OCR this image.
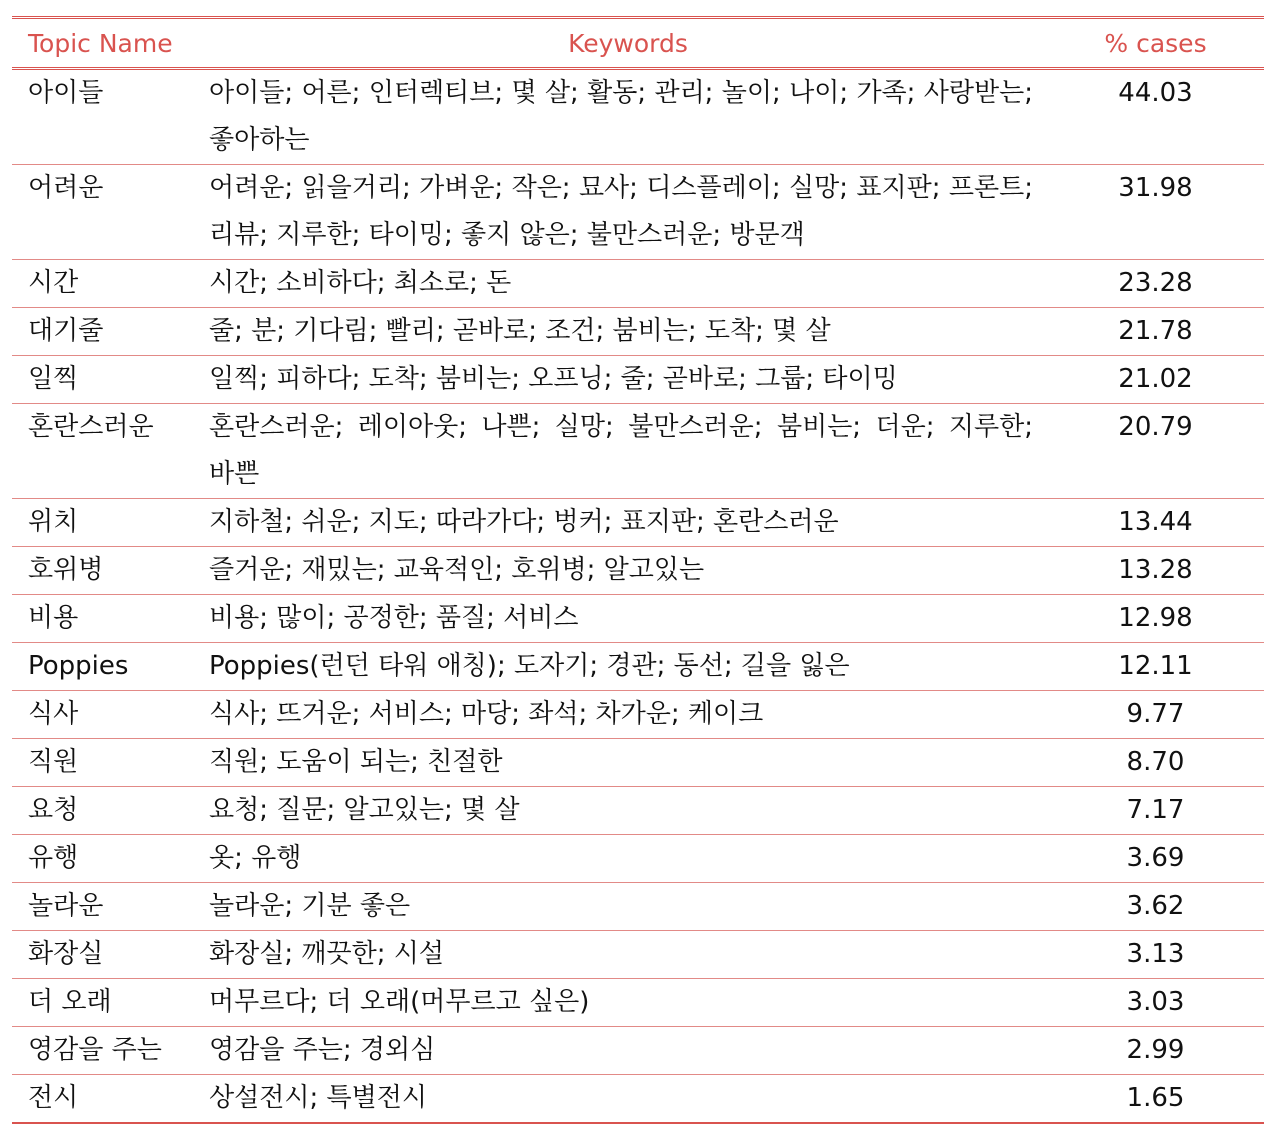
Topic Name	Keywords	% cases
아이들	아이들; 어른; 인터렉티브; 몇 살; 활동; 관리; 놀이; 나이; 가족; 사랑받는; 좋아하는	44.03
어려운	어려운; 읽을거리; 가벼운; 작은; 묘사; 디스플레이; 실망; 표지판; 프론트; 리뷰; 지루한; 타이밍; 좋지 않은; 불만스러운; 방문객	31.98
시간	시간; 소비하다; 최소로; 돈	23.28
대기줄	줄; 분; 기다림; 빨리; 곧바로; 조건; 붐비는; 도착; 몇 살	21.78
일찍	일찍; 피하다; 도착; 붐비는; 오프닝; 줄; 곧바로; 그룹; 타이밍	21.02
혼란스러운	혼란스러운; 레이아웃; 나쁜; 실망; 불만스러운; 붐비는; 더운; 지루한; 바쁜	20.79
위치	지하철; 쉬운; 지도; 따라가다; 벙커; 표지판; 혼란스러운	13.44
호위병	즐거운; 재밌는; 교육적인; 호위병; 알고있는	13.28
비용	비용; 많이; 공정한; 품질; 서비스	12.98
Poppies	Poppies(런던 타워 애칭); 도자기; 경관; 동선; 길을 잃은	12.11
식사	식사; 뜨거운; 서비스; 마당; 좌석; 차가운; 케이크	9.77
직원	직원; 도움이 되는; 친절한	8.70
요청	요청; 질문; 알고있는; 몇 살	7.17
유행	옷; 유행	3.69
놀라운	놀라운; 기분 좋은	3.62
화장실	화장실; 깨끗한; 시설	3.13
더 오래	머무르다; 더 오래(머무르고 싶은)	3.03
영감을 주는	영감을 주는; 경외심	2.99
전시	상설전시; 특별전시	1.65
